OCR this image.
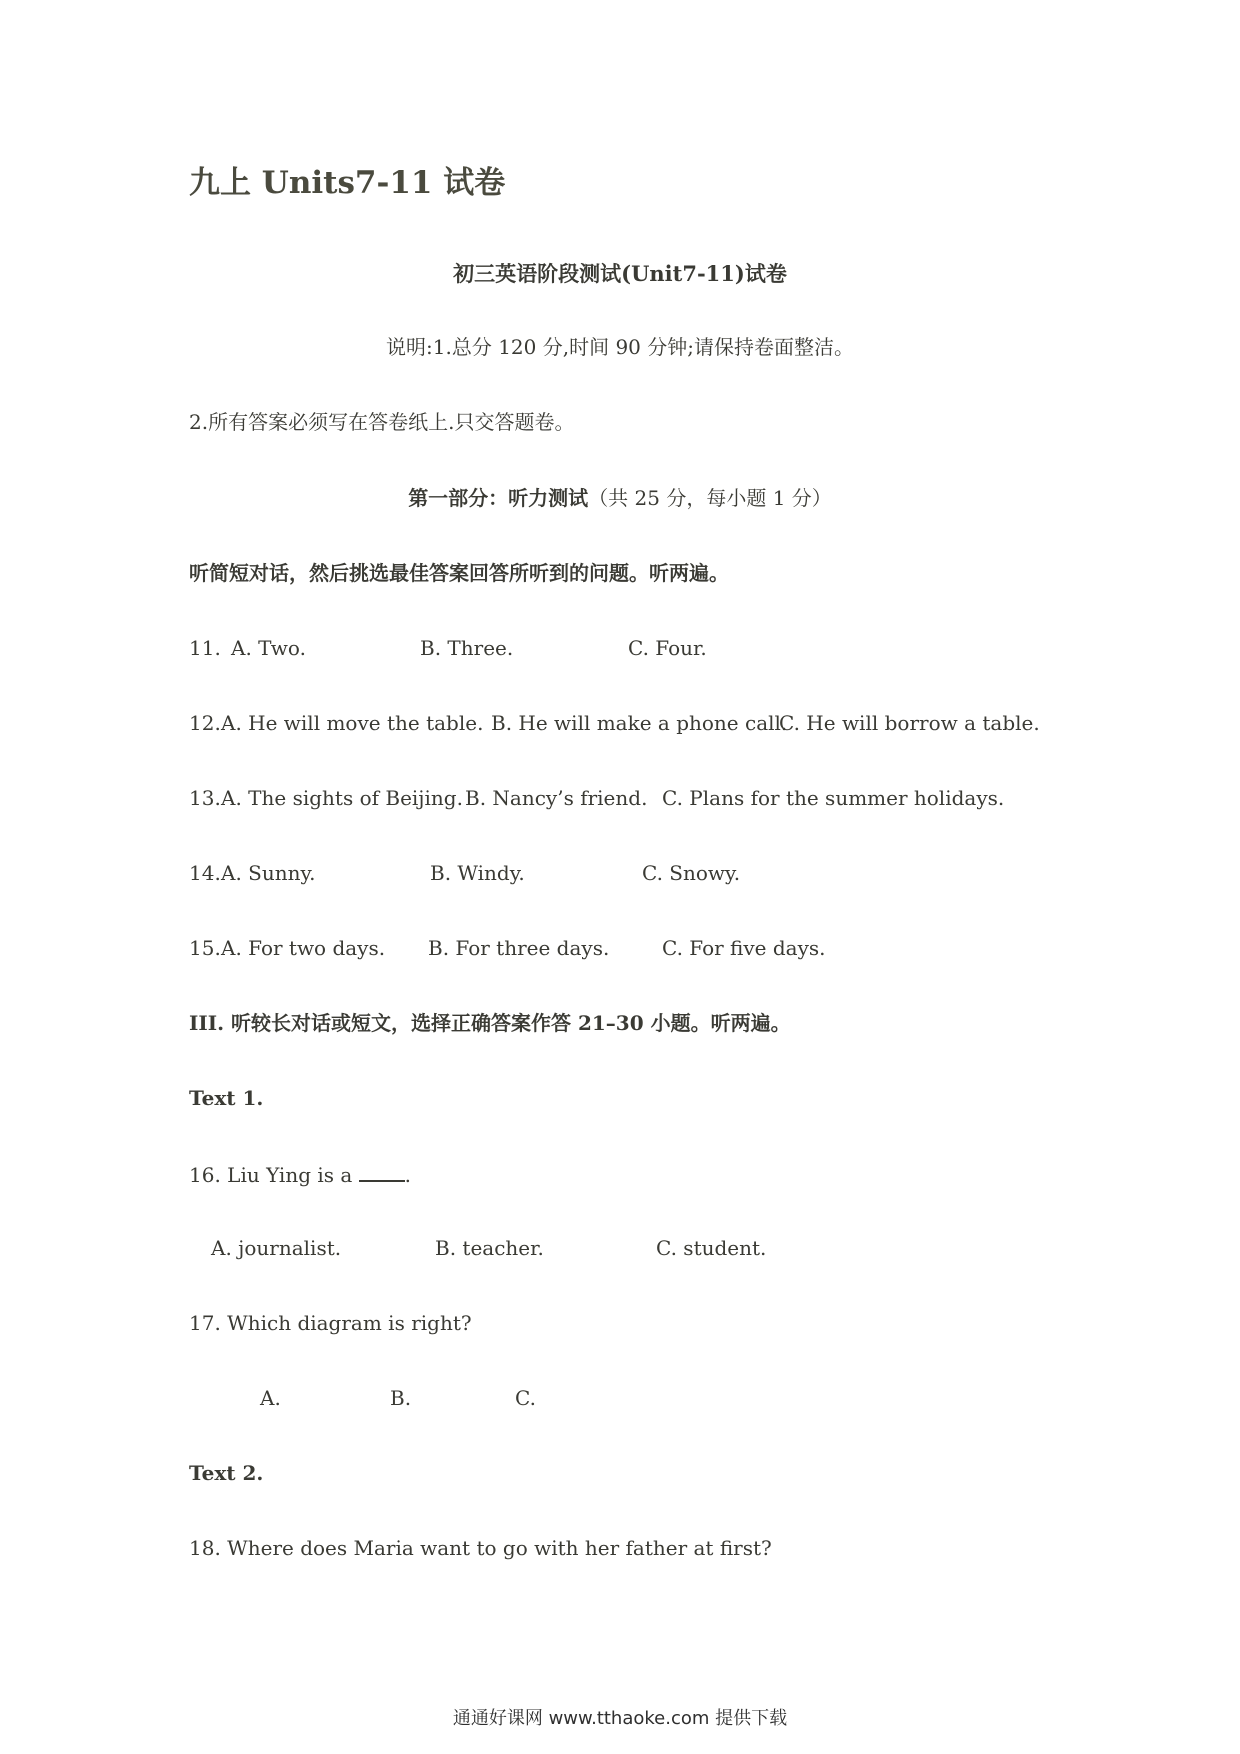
九上 Units7-11 试卷
初三英语阶段测试(Unit7-11)试卷
说明:1.总分 120 分,时间 90 分钟;请保持卷面整洁。
2.所有答案必须写在答卷纸上.只交答题卷。
第一部分：听力测试（共 25 分，每小题 1 分）
听简短对话，然后挑选最佳答案回答所听到的问题。听两遍。
11. A. Two.	B. Three.	C. Four.
12. A. He will move the table. B. He will make a phone call.
C. He will borrow a table.
13. A. The sights of Beijing. B. Nancy’s friend. C. Plans for the summer holidays.
14. A. Sunny.	B. Windy.	C. Snowy.
15. A. For two days. B. For three days.	C. For five days.
III. 听较长对话或短文，选择正确答案作答 21–30 小题。听两遍。
Text 1.
16. Liu Ying is a	.
A. journalist.	B. teacher.	C. student.
17. Which diagram is right?
A.	B.	C.
Text 2.
18. Where does Maria want to go with her father at first?
通通好课网 www.tthaoke.com 提供下载
